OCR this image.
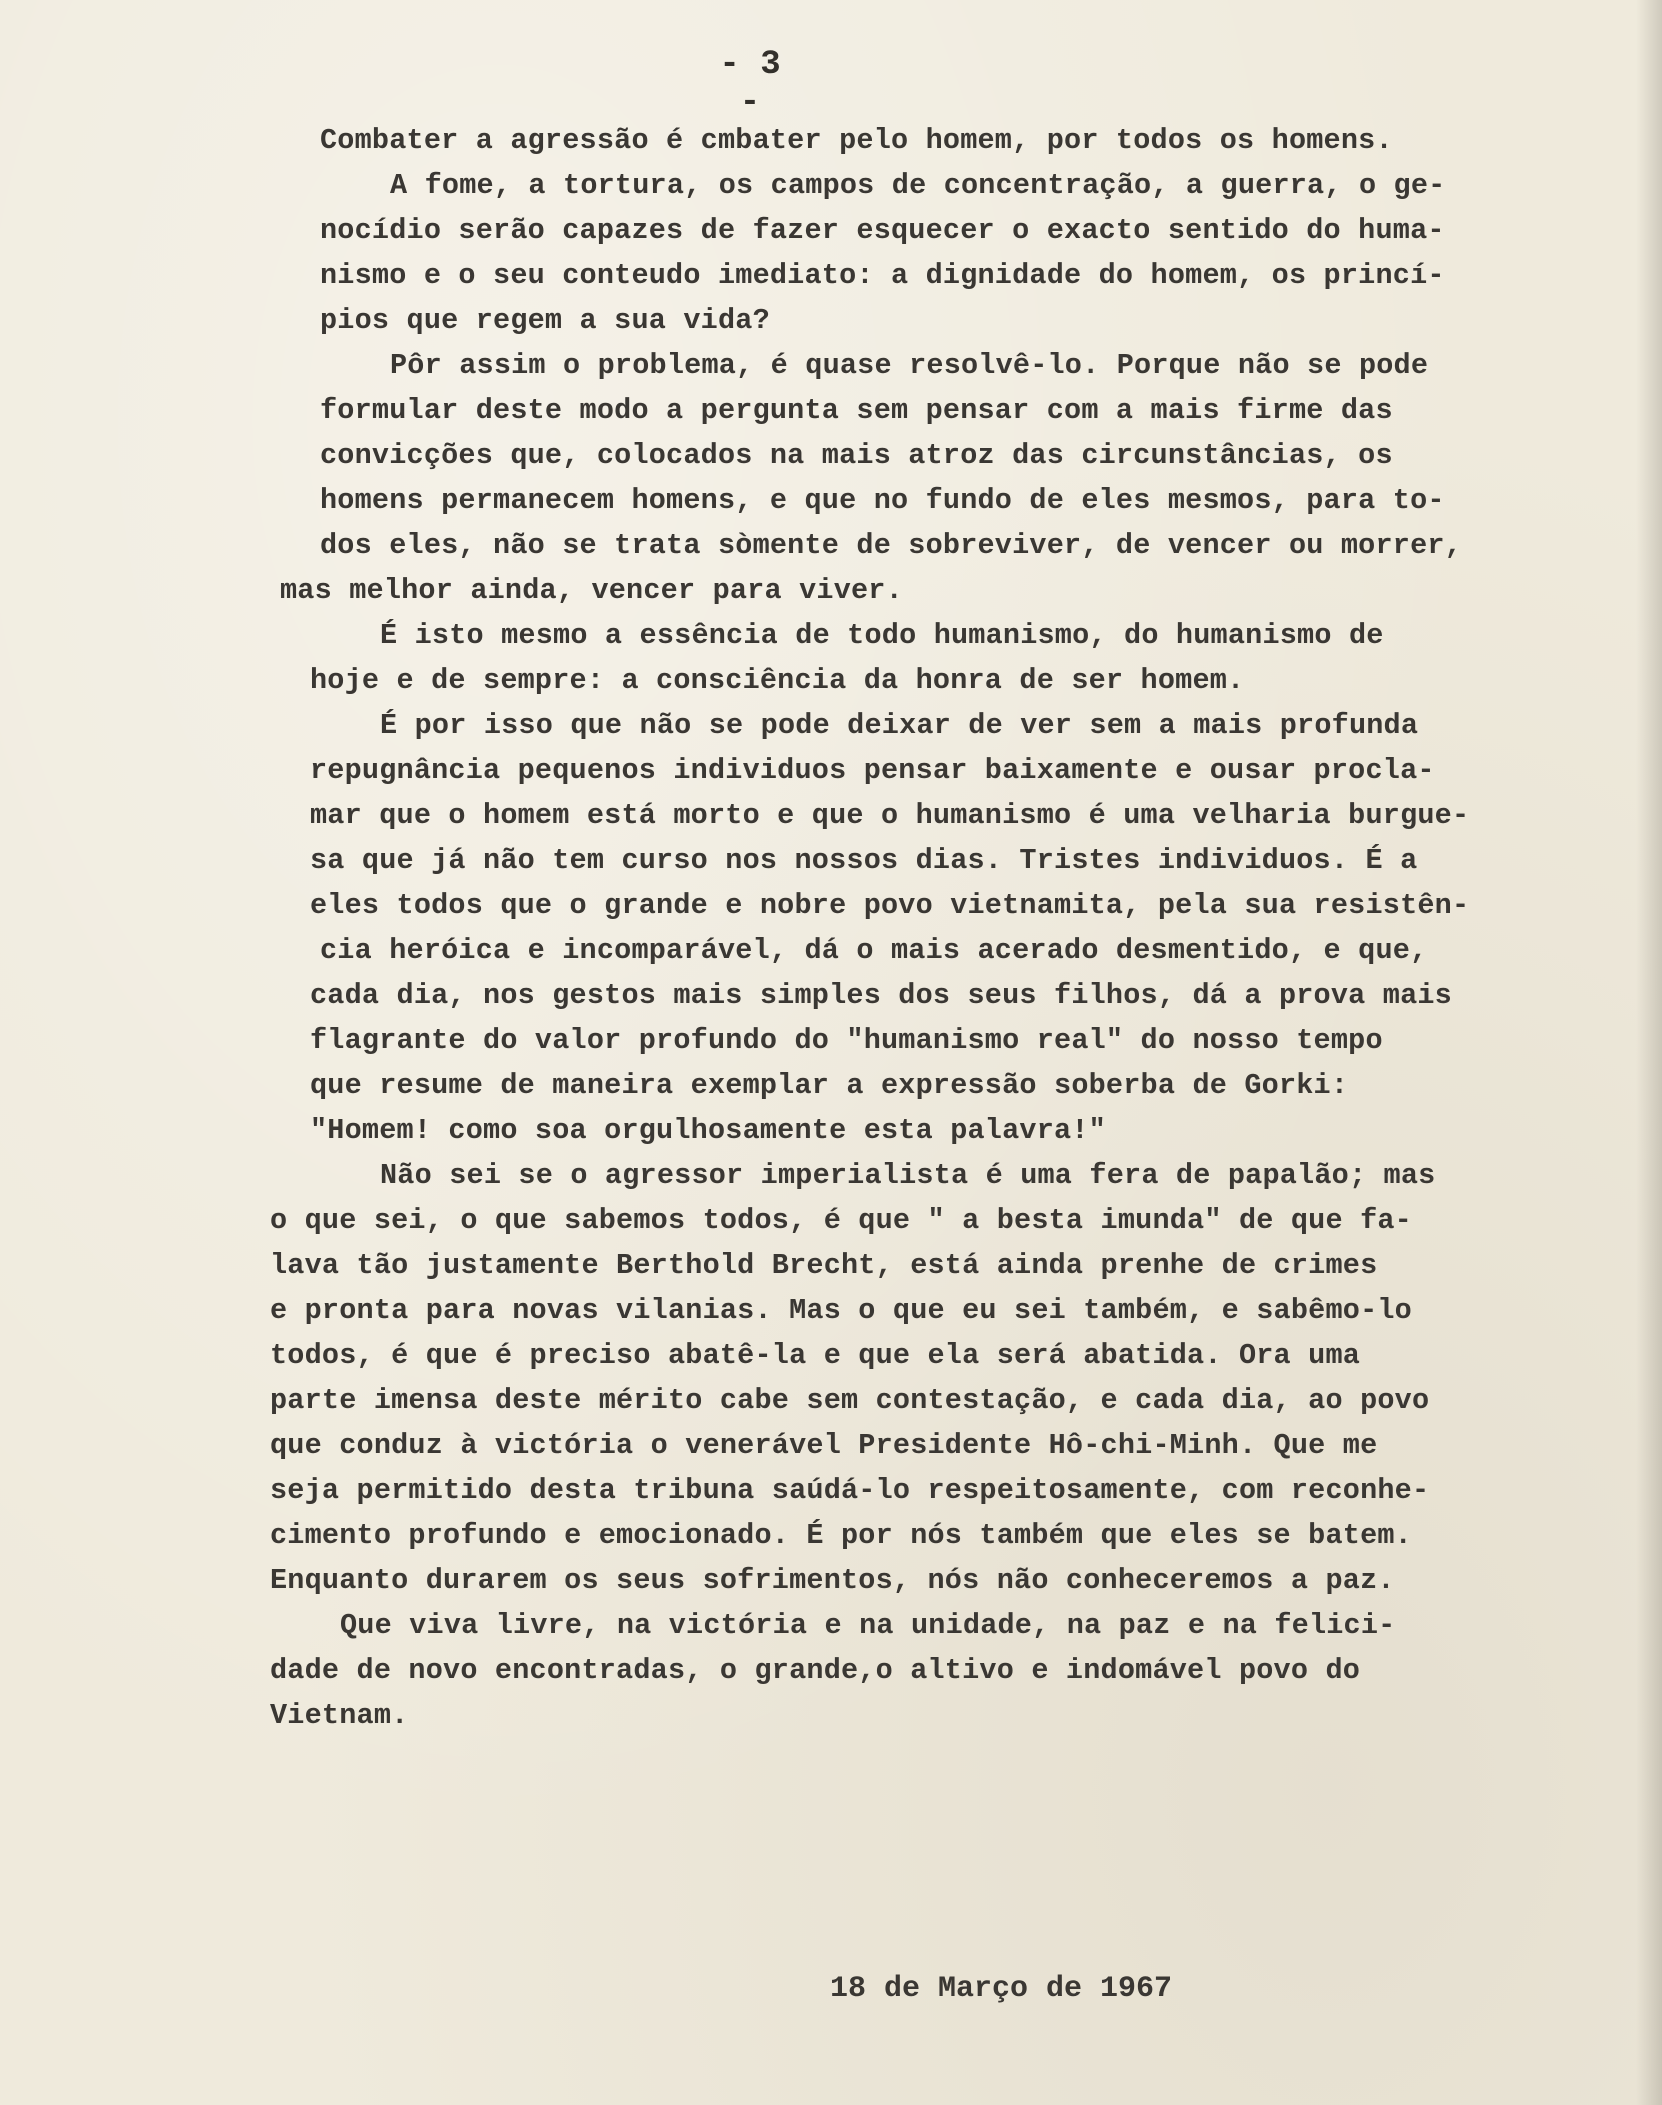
- 3 -
Combater a agressão é cmbater pelo homem, por todos os homens.
A fome, a tortura, os campos de concentração, a guerra, o ge-
nocídio serão capazes de fazer esquecer o exacto sentido do huma-
nismo e o seu conteudo imediato: a dignidade do homem, os princí-
pios que regem a sua vida?
Pôr assim o problema, é quase resolvê-lo. Porque não se pode
formular deste modo a pergunta sem pensar com a mais firme das
convicções que, colocados na mais atroz das circunstâncias, os
homens permanecem homens, e que no fundo de eles mesmos, para to-
dos eles, não se trata sòmente de sobreviver, de vencer ou morrer,
mas melhor ainda, vencer para viver.
É isto mesmo a essência de todo humanismo, do humanismo de
hoje e de sempre: a consciência da honra de ser homem.
É por isso que não se pode deixar de ver sem a mais profunda
repugnância pequenos individuos pensar baixamente e ousar procla-
mar que o homem está morto e que o humanismo é uma velharia burgue-
sa que já não tem curso nos nossos dias. Tristes individuos. É a
eles todos que o grande e nobre povo vietnamita, pela sua resistên-
cia heróica e incomparável, dá o mais acerado desmentido, e que,
cada dia, nos gestos mais simples dos seus filhos, dá a prova mais
flagrante do valor profundo do "humanismo real" do nosso tempo
que resume de maneira exemplar a expressão soberba de Gorki:
"Homem! como soa orgulhosamente esta palavra!"
Não sei se o agressor imperialista é uma fera de papalão; mas
o que sei, o que sabemos todos, é que " a besta imunda" de que fa-
lava tão justamente Berthold Brecht, está ainda prenhe de crimes
e pronta para novas vilanias. Mas o que eu sei também, e sabêmo-lo
todos, é que é preciso abatê-la e que ela será abatida. Ora uma
parte imensa deste mérito cabe sem contestação, e cada dia, ao povo
que conduz à victória o venerável Presidente Hô-chi-Minh. Que me
seja permitido desta tribuna saúdá-lo respeitosamente, com reconhe-
cimento profundo e emocionado. É por nós também que eles se batem.
Enquanto durarem os seus sofrimentos, nós não conheceremos a paz.
Que viva livre, na victória e na unidade, na paz e na felici-
dade de novo encontradas, o grande,o altivo e indomável povo do
Vietnam.
18 de Março de 1967
